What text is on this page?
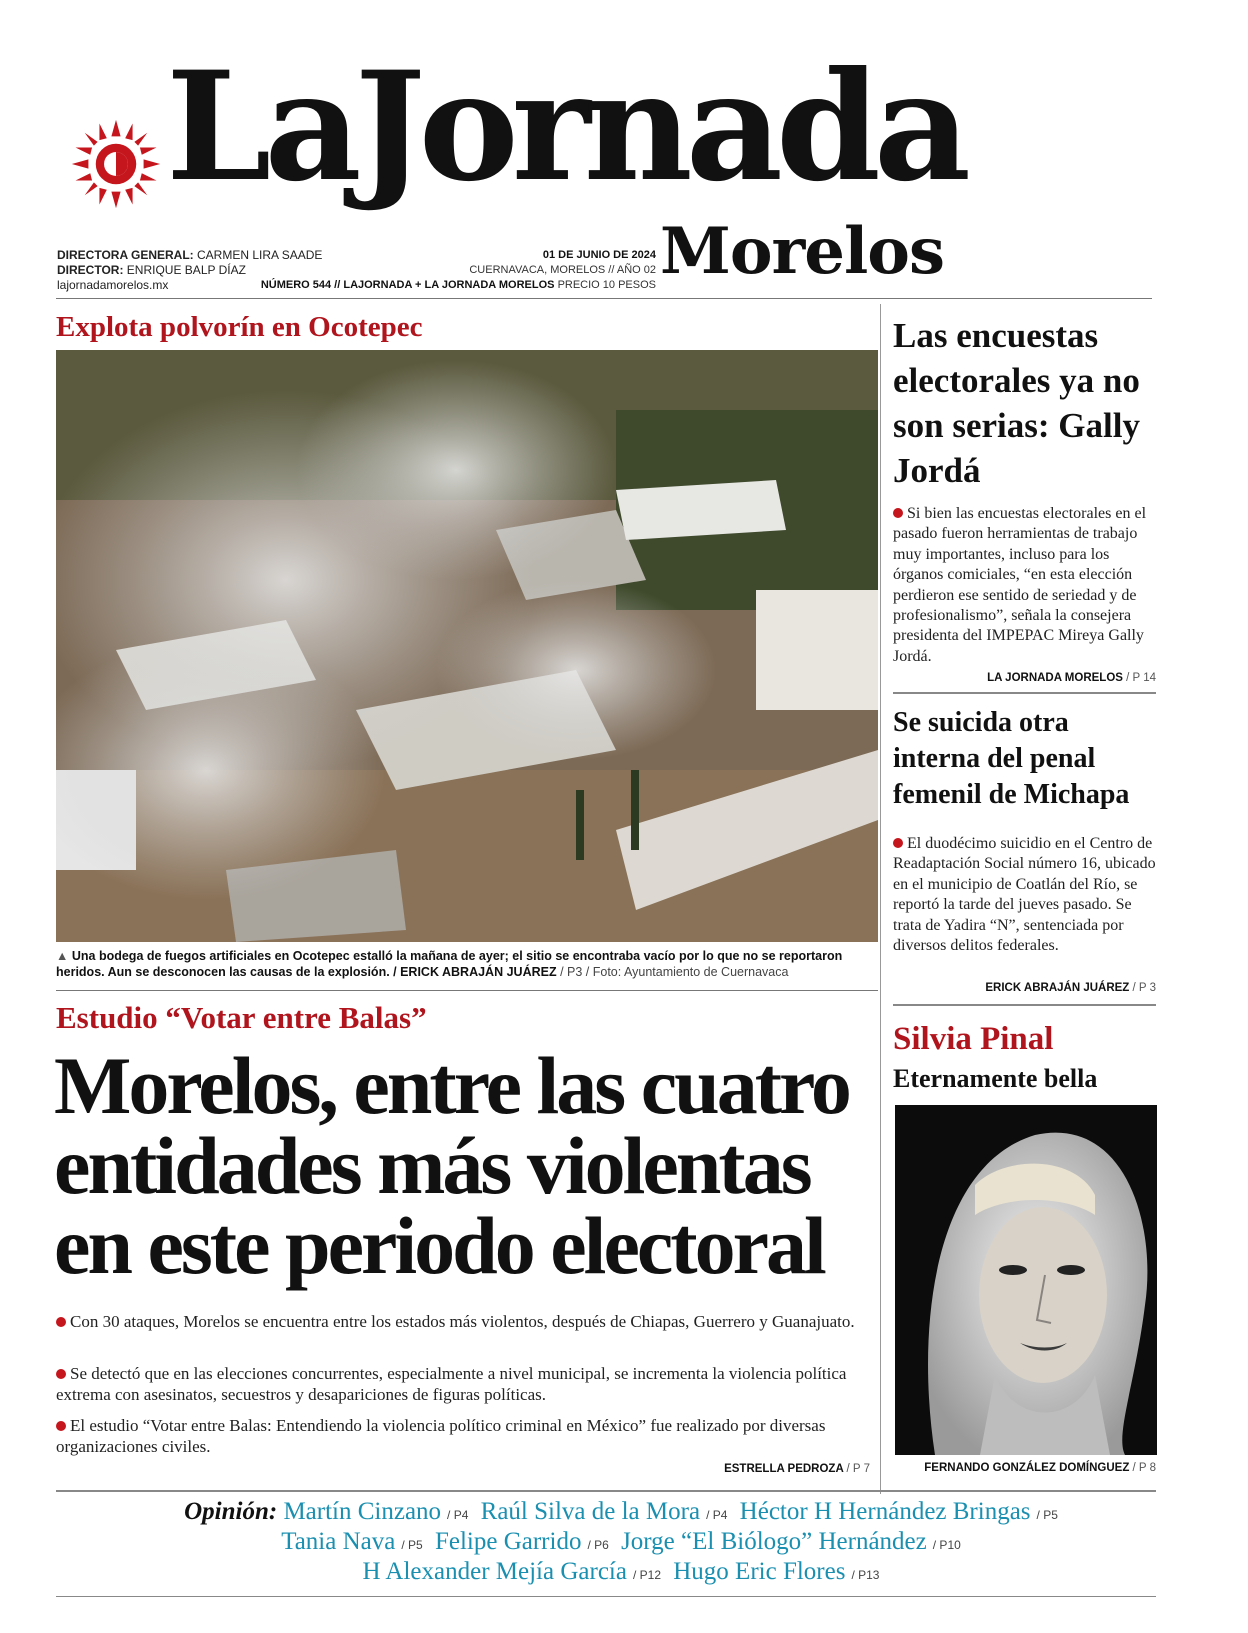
LaJornada
Morelos
DIRECTORA GENERAL: CARMEN LIRA SAADE
DIRECTOR: ENRIQUE BALP DÍAZ
lajornadamorelos.mx
01 DE JUNIO DE 2024
CUERNAVACA, MORELOS // AÑO 02
NÚMERO 544 // LAJORNADA + LA JORNADA MORELOS PRECIO 10 PESOS
Explota polvorín en Ocotepec
▲ Una bodega de fuegos artificiales en Ocotepec estalló la mañana de ayer; el sitio se encontraba vacío por lo que no se reportaron heridos. Aun se desconocen las causas de la explosión. / ERICK ABRAJÁN JUÁREZ / P3 / Foto: Ayuntamiento de Cuernavaca
Estudio “Votar entre Balas”
Morelos, entre las cuatro entidades más violentas en este periodo electoral
Con 30 ataques, Morelos se encuentra entre los estados más violentos, después de Chiapas, Guerrero y Guanajuato.
Se detectó que en las elecciones concurrentes, especialmente a nivel municipal, se incrementa la violencia política extrema con asesinatos, secuestros y desapariciones de figuras políticas.
El estudio “Votar entre Balas: Entendiendo la violencia político criminal en México” fue realizado por diversas organizaciones civiles.
ESTRELLA PEDROZA / P 7
Las encuestas electorales ya no son serias: Gally Jordá
Si bien las encuestas electorales en el pasado fueron herramientas de trabajo muy importantes, incluso para los órganos comiciales, “en esta elección perdieron ese sentido de seriedad y de profesionalismo”, señala la consejera presidenta del IMPEPAC Mireya Gally Jordá.
LA JORNADA MORELOS / P 14
Se suicida otra interna del penal femenil de Michapa
El duodécimo suicidio en el Centro de Readaptación Social número 16, ubicado en el municipio de Coatlán del Río, se reportó la tarde del jueves pasado. Se trata de Yadira “N”, sentenciada por diversos delitos federales.
ERICK ABRAJÁN JUÁREZ / P 3
Silvia Pinal
Eternamente bella
FERNANDO GONZÁLEZ DOMÍNGUEZ / P 8
Opinión: Martín Cinzano / P4 Raúl Silva de la Mora / P4 Héctor H Hernández Bringas / P5
Tania Nava / P5 Felipe Garrido / P6 Jorge “El Biólogo” Hernández / P10
H Alexander Mejía García / P12 Hugo Eric Flores / P13
